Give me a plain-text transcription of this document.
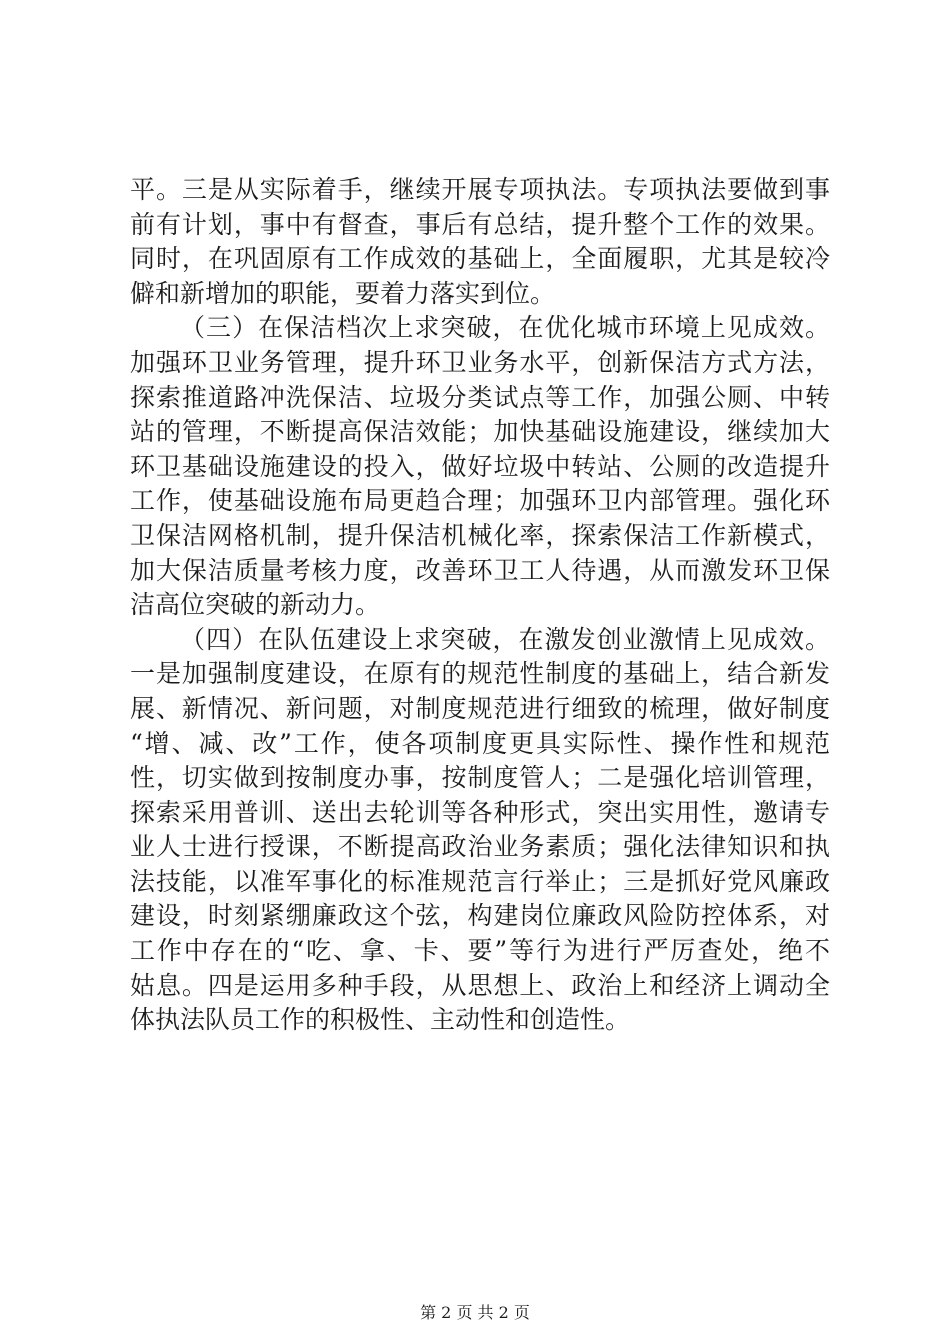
平。三是从实际着手，继续开展专项执法。专项执法要做到事
前有计划，事中有督查，事后有总结，提升整个工作的效果。
同时，在巩固原有工作成效的基础上，全面履职，尤其是较冷
僻和新增加的职能，要着力落实到位。
（三）在保洁档次上求突破，在优化城市环境上见成效。
加强环卫业务管理，提升环卫业务水平，创新保洁方式方法，
探索推道路冲洗保洁、垃圾分类试点等工作，加强公厕、中转
站的管理，不断提高保洁效能；加快基础设施建设，继续加大
环卫基础设施建设的投入，做好垃圾中转站、公厕的改造提升
工作，使基础设施布局更趋合理；加强环卫内部管理。强化环
卫保洁网格机制，提升保洁机械化率，探索保洁工作新模式，
加大保洁质量考核力度，改善环卫工人待遇，从而激发环卫保
洁高位突破的新动力。
（四）在队伍建设上求突破，在激发创业激情上见成效。
一是加强制度建设，在原有的规范性制度的基础上，结合新发
展、新情况、新问题，对制度规范进行细致的梳理，做好制度
“增、减、改”工作，使各项制度更具实际性、操作性和规范
性，切实做到按制度办事，按制度管人；二是强化培训管理，
探索采用普训、送出去轮训等各种形式，突出实用性，邀请专
业人士进行授课，不断提高政治业务素质；强化法律知识和执
法技能，以准军事化的标准规范言行举止；三是抓好党风廉政
建设，时刻紧绷廉政这个弦，构建岗位廉政风险防控体系，对
工作中存在的“吃、拿、卡、要”等行为进行严厉查处，绝不
姑息。四是运用多种手段，从思想上、政治上和经济上调动全
体执法队员工作的积极性、主动性和创造性。
第 2 页 共 2 页
